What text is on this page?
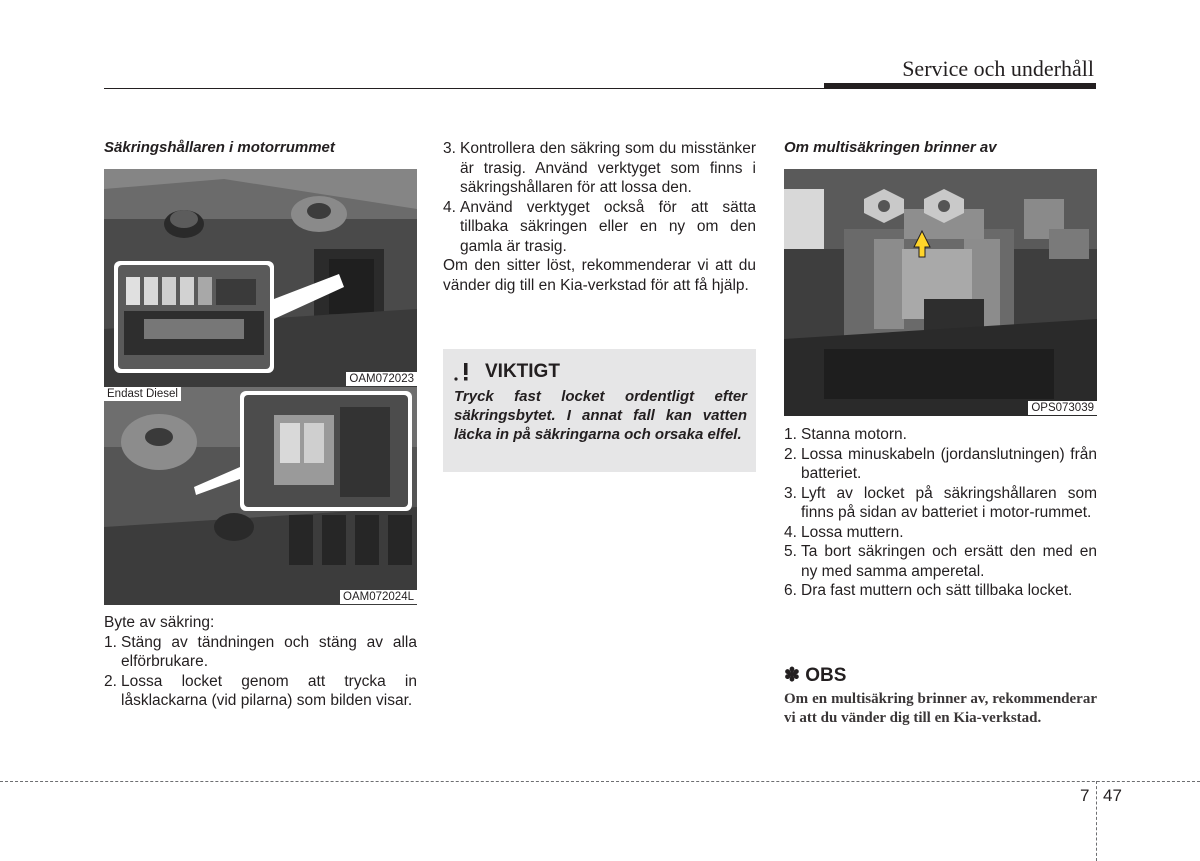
Service och underhåll
Säkringshållaren i motorrummet
OAM072023
Endast Diesel
OAM072024L
Byte av säkring:
1. Stäng av tändningen och stäng av alla elförbrukare.
2. Lossa locket genom att trycka in låsklackarna (vid pilarna) som bilden visar.
3. Kontrollera den säkring som du misstänker är trasig. Använd verktyget som finns i säkringshållaren för att lossa den.
4. Använd verktyget också för att sätta tillbaka säkringen eller en ny om den gamla är trasig.
Om den sitter löst, rekommenderar vi att du vänder dig till en Kia-verkstad för att få hjälp.
VIKTIGT
Tryck fast locket ordentligt efter säkringsbytet. I annat fall kan vatten läcka in på säkringarna och orsaka elfel.
Om multisäkringen brinner av
OPS073039
1. Stanna motorn.
2. Lossa minuskabeln (jordanslutningen) från batteriet.
3. Lyft av locket på säkringshållaren som finns på sidan av batteriet i motor-rummet.
4. Lossa muttern.
5. Ta bort säkringen och ersätt den med en ny med samma amperetal.
6. Dra fast muttern och sätt tillbaka locket.
✽ OBS
Om en multisäkring brinner av, rekommenderar vi att du vänder dig till en Kia-verkstad.
7 47
